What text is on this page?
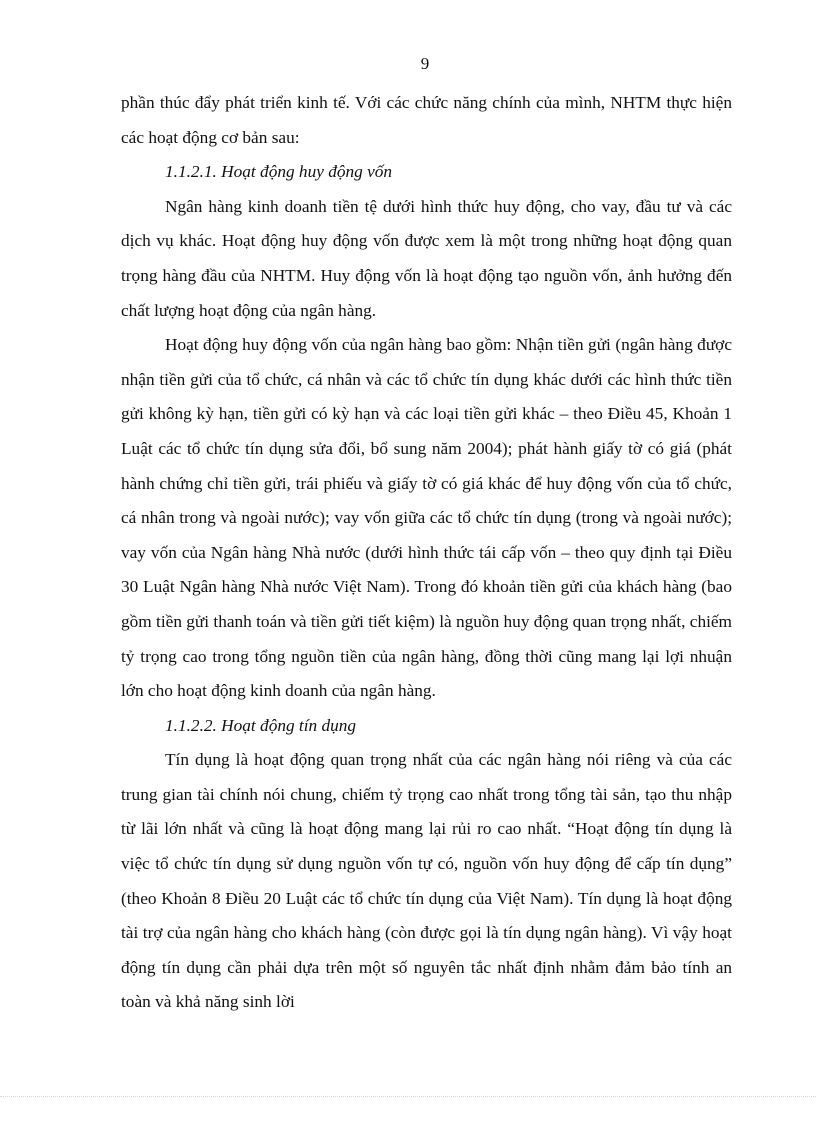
9

phần thúc đẩy phát triển kinh tế. Với các chức năng chính của mình, NHTM thực hiện các hoạt động cơ bản sau:

1.1.2.1. Hoạt động huy động vốn

Ngân hàng kinh doanh tiền tệ dưới hình thức huy động, cho vay, đầu tư và các dịch vụ khác. Hoạt động huy động vốn được xem là một trong những hoạt động quan trọng hàng đầu của NHTM. Huy động vốn là hoạt động tạo nguồn vốn, ảnh hưởng đến chất lượng hoạt động của ngân hàng.

Hoạt động huy động vốn của ngân hàng bao gồm: Nhận tiền gửi (ngân hàng được nhận tiền gửi của tổ chức, cá nhân và các tổ chức tín dụng khác dưới các hình thức tiền gửi không kỳ hạn, tiền gửi có kỳ hạn và các loại tiền gửi khác – theo Điều 45, Khoản 1 Luật các tổ chức tín dụng sửa đổi, bổ sung năm 2004); phát hành giấy tờ có giá (phát hành chứng chỉ tiền gửi, trái phiếu và giấy tờ có giá khác để huy động vốn của tổ chức, cá nhân trong và ngoài nước); vay vốn giữa các tổ chức tín dụng (trong và ngoài nước); vay vốn của Ngân hàng Nhà nước (dưới hình thức tái cấp vốn – theo quy định tại Điều 30 Luật Ngân hàng Nhà nước Việt Nam). Trong đó khoản tiền gửi của khách hàng (bao gồm tiền gửi thanh toán và tiền gửi tiết kiệm) là nguồn huy động quan trọng nhất, chiếm tỷ trọng cao trong tổng nguồn tiền của ngân hàng, đồng thời cũng mang lại lợi nhuận lớn cho hoạt động kinh doanh của ngân hàng.

1.1.2.2. Hoạt động tín dụng

Tín dụng là hoạt động quan trọng nhất của các ngân hàng nói riêng và của các trung gian tài chính nói chung, chiếm tỷ trọng cao nhất trong tổng tài sản, tạo thu nhập từ lãi lớn nhất và cũng là hoạt động mang lại rủi ro cao nhất. “Hoạt động tín dụng là việc tổ chức tín dụng sử dụng nguồn vốn tự có, nguồn vốn huy động để cấp tín dụng” (theo Khoản 8 Điều 20 Luật các tổ chức tín dụng của Việt Nam). Tín dụng là hoạt động tài trợ của ngân hàng cho khách hàng (còn được gọi là tín dụng ngân hàng). Vì vậy hoạt động tín dụng cần phải dựa trên một số nguyên tắc nhất định nhằm đảm bảo tính an toàn và khả năng sinh lời
